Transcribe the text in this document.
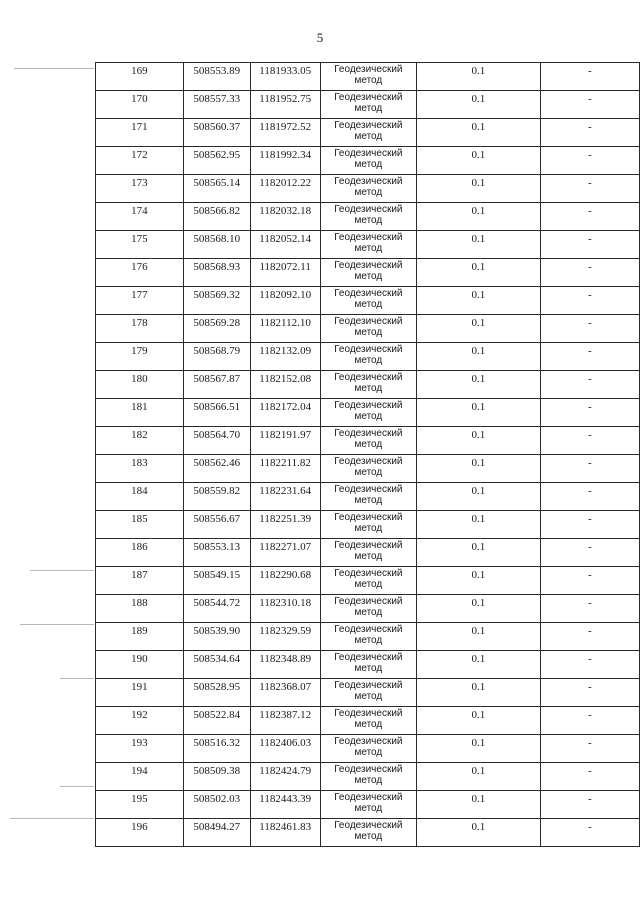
5
169	508553.89	1181933.05	Геодезический метод	0.1	-
170	508557.33	1181952.75	Геодезический метод	0.1	-
171	508560.37	1181972.52	Геодезический метод	0.1	-
172	508562.95	1181992.34	Геодезический метод	0.1	-
173	508565.14	1182012.22	Геодезический метод	0.1	-
174	508566.82	1182032.18	Геодезический метод	0.1	-
175	508568.10	1182052.14	Геодезический метод	0.1	-
176	508568.93	1182072.11	Геодезический метод	0.1	-
177	508569.32	1182092.10	Геодезический метод	0.1	-
178	508569.28	1182112.10	Геодезический метод	0.1	-
179	508568.79	1182132.09	Геодезический метод	0.1	-
180	508567.87	1182152.08	Геодезический метод	0.1	-
181	508566.51	1182172.04	Геодезический метод	0.1	-
182	508564.70	1182191.97	Геодезический метод	0.1	-
183	508562.46	1182211.82	Геодезический метод	0.1	-
184	508559.82	1182231.64	Геодезический метод	0.1	-
185	508556.67	1182251.39	Геодезический метод	0.1	-
186	508553.13	1182271.07	Геодезический метод	0.1	-
187	508549.15	1182290.68	Геодезический метод	0.1	-
188	508544.72	1182310.18	Геодезический метод	0.1	-
189	508539.90	1182329.59	Геодезический метод	0.1	-
190	508534.64	1182348.89	Геодезический метод	0.1	-
191	508528.95	1182368.07	Геодезический метод	0.1	-
192	508522.84	1182387.12	Геодезический метод	0.1	-
193	508516.32	1182406.03	Геодезический метод	0.1	-
194	508509.38	1182424.79	Геодезический метод	0.1	-
195	508502.03	1182443.39	Геодезический метод	0.1	-
196	508494.27	1182461.83	Геодезический метод	0.1	-
